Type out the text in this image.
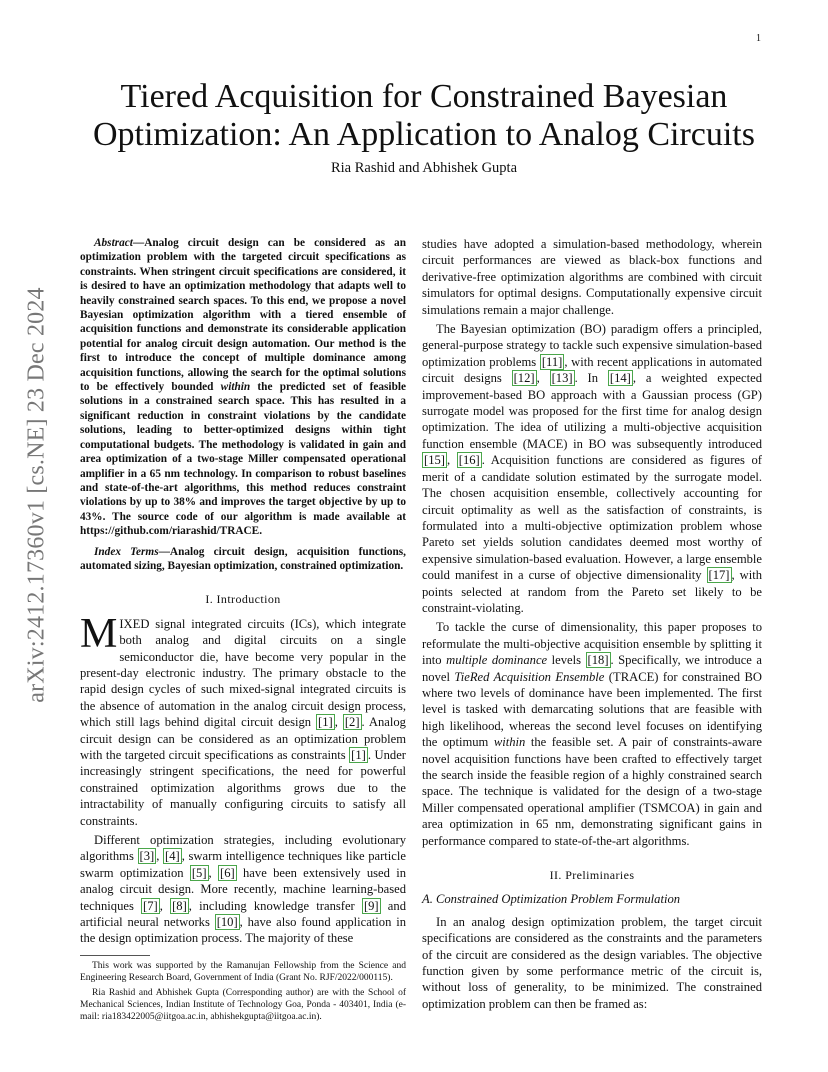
1
arXiv:2412.17360v1 [cs.NE] 23 Dec 2024
Tiered Acquisition for Constrained Bayesian Optimization: An Application to Analog Circuits
Ria Rashid and Abhishek Gupta

Abstract—Analog circuit design can be considered as an optimization problem with the targeted circuit specifications as constraints. When stringent circuit specifications are considered, it is desired to have an optimization methodology that adapts well to heavily constrained search spaces. To this end, we propose a novel Bayesian optimization algorithm with a tiered ensemble of acquisition functions and demonstrate its considerable application potential for analog circuit design automation. Our method is the first to introduce the concept of multiple dominance among acquisition functions, allowing the search for the optimal solutions to be effectively bounded within the predicted set of feasible solutions in a constrained search space. This has resulted in a significant reduction in constraint violations by the candidate solutions, leading to better-optimized designs within tight computational budgets. The methodology is validated in gain and area optimization of a two-stage Miller compensated operational amplifier in a 65 nm technology. In comparison to robust baselines and state-of-the-art algorithms, this method reduces constraint violations by up to 38% and improves the target objective by up to 43%. The source code of our algorithm is made available at https://github.com/riarashid/TRACE.

Index Terms—Analog circuit design, acquisition functions, automated sizing, Bayesian optimization, constrained optimization.

I. Introduction

MIXED signal integrated circuits (ICs), which integrate both analog and digital circuits on a single semiconductor die, have become very popular in the present-day electronic industry. The primary obstacle to the rapid design cycles of such mixed-signal integrated circuits is the absence of automation in the analog circuit design process, which still lags behind digital circuit design [1] , [2] . Analog circuit design can be considered as an optimization problem with the targeted circuit specifications as constraints [1] . Under increasingly stringent specifications, the need for powerful constrained optimization algorithms grows due to the intractability of manually configuring circuits to satisfy all constraints.

Different optimization strategies, including evolutionary algorithms [3] , [4] , swarm intelligence techniques like particle swarm optimization [5] , [6] have been extensively used in analog circuit design. More recently, machine learning-based techniques [7] , [8] , including knowledge transfer [9] and artificial neural networks [10] , have also found application in the design optimization process. The majority of these

This work was supported by the Ramanujan Fellowship from the Science and Engineering Research Board, Government of India (Grant No. RJF/2022/000115).

Ria Rashid and Abhishek Gupta (Corresponding author) are with the School of Mechanical Sciences, Indian Institute of Technology Goa, Ponda - 403401, India (e-mail: ria183422005@iitgoa.ac.in, abhishekgupta@iitgoa.ac.in).

studies have adopted a simulation-based methodology, wherein circuit performances are viewed as black-box functions and derivative-free optimization algorithms are combined with circuit simulators for optimal designs. Computationally expensive circuit simulations remain a major challenge.

The Bayesian optimization (BO) paradigm offers a principled, general-purpose strategy to tackle such expensive simulation-based optimization problems [11] , with recent applications in automated circuit designs [12] , [13] . In [14] , a weighted expected improvement-based BO approach with a Gaussian process (GP) surrogate model was proposed for the first time for analog design optimization. The idea of utilizing a multi-objective acquisition function ensemble (MACE) in BO was subsequently introduced [15] , [16] . Acquisition functions are considered as figures of merit of a candidate solution estimated by the surrogate model. The chosen acquisition ensemble, collectively accounting for circuit optimality as well as the satisfaction of constraints, is formulated into a multi-objective optimization problem whose Pareto set yields solution candidates deemed most worthy of expensive simulation-based evaluation. However, a large ensemble could manifest in a curse of objective dimensionality [17] , with points selected at random from the Pareto set likely to be constraint-violating.

To tackle the curse of dimensionality, this paper proposes to reformulate the multi-objective acquisition ensemble by splitting it into multiple dominance levels [18] . Specifically, we introduce a novel TieRed Acquisition Ensemble (TRACE) for constrained BO where two levels of dominance have been implemented. The first level is tasked with demarcating solutions that are feasible with high likelihood, whereas the second level focuses on identifying the optimum within the feasible set. A pair of constraints-aware novel acquisition functions have been crafted to effectively target the search inside the feasible region of a highly constrained search space. The technique is validated for the design of a two-stage Miller compensated operational amplifier (TSMCOA) in gain and area optimization in 65 nm, demonstrating significant gains in performance compared to state-of-the-art algorithms.

II. Preliminaries
A. Constrained Optimization Problem Formulation

In an analog design optimization problem, the target circuit specifications are considered as the constraints and the parameters of the circuit are considered as the design variables. The objective function given by some performance metric of the circuit is, without loss of generality, to be minimized. The constrained optimization problem can then be framed as:
